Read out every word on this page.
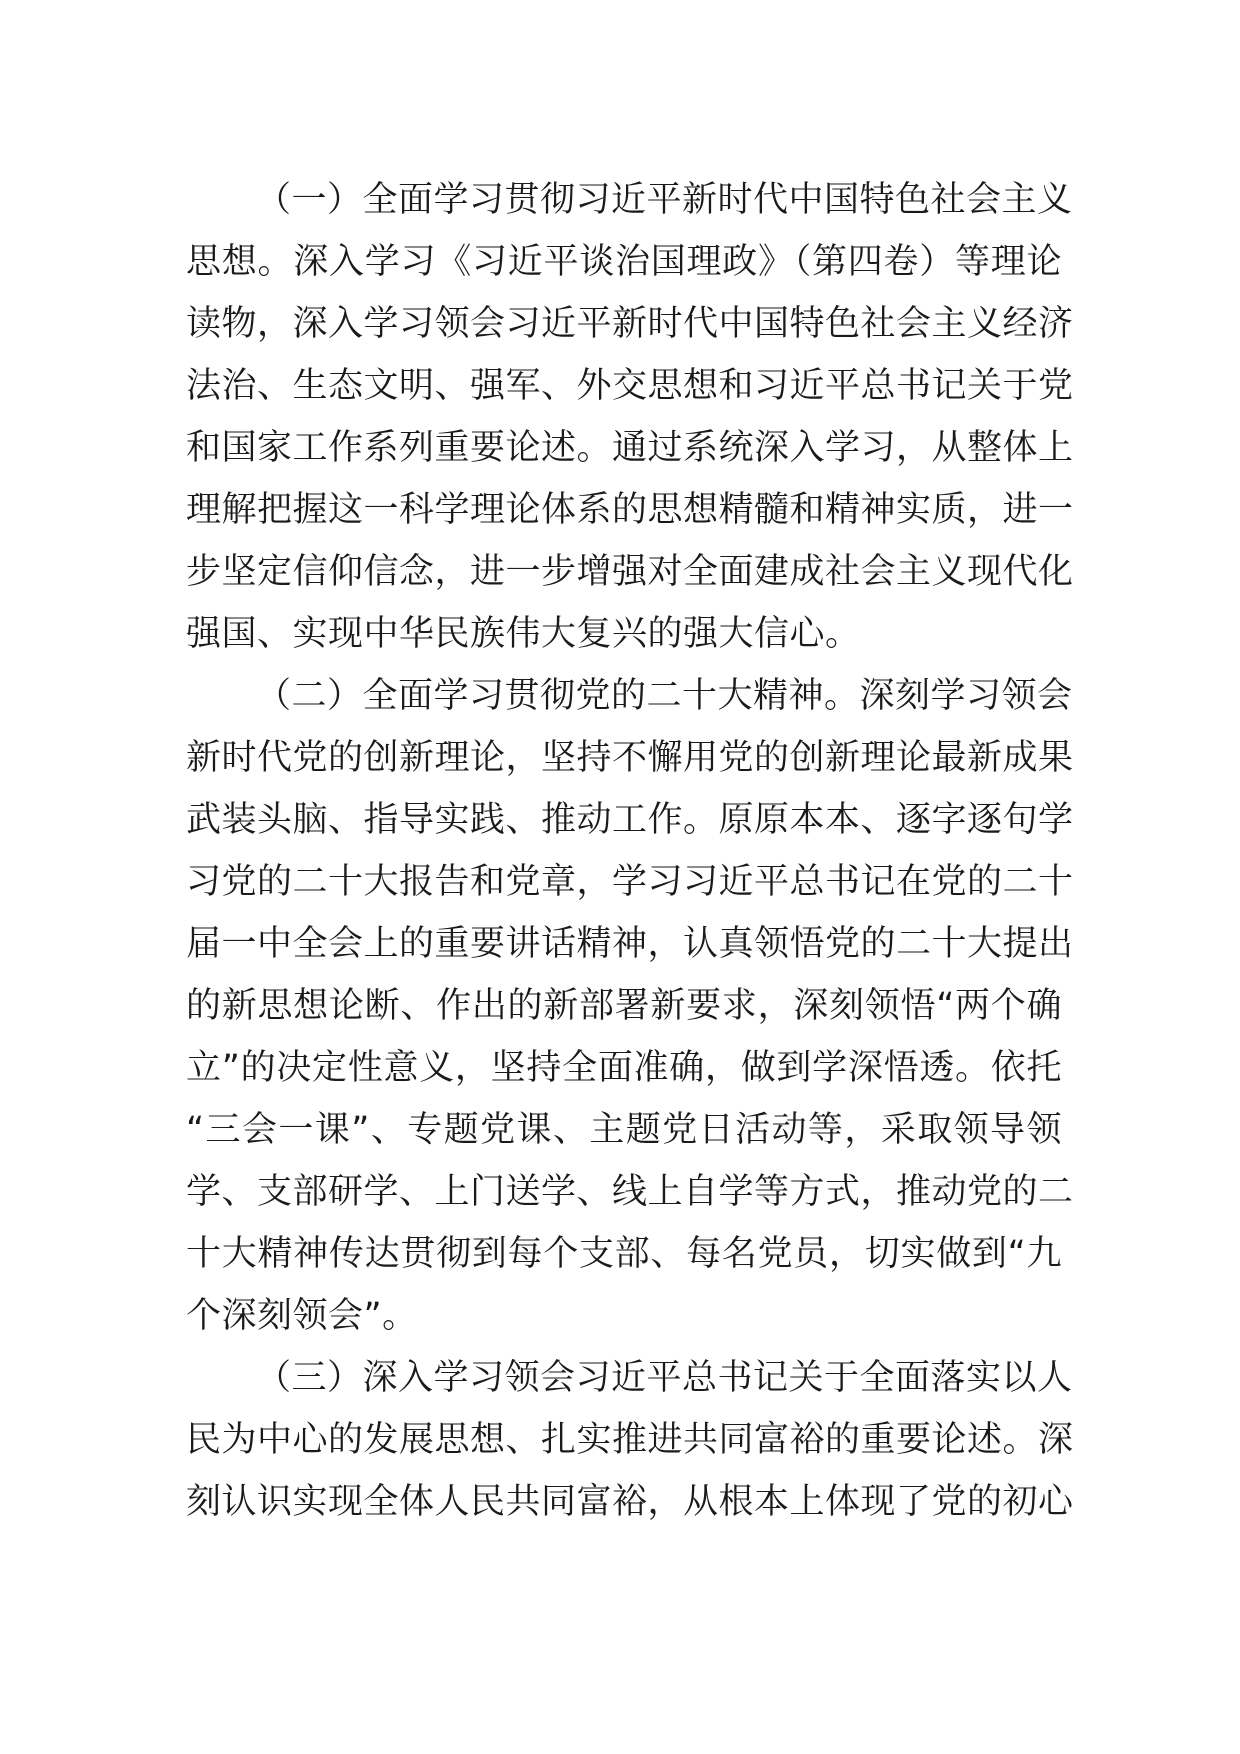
（一）全面学习贯彻习近平新时代中国特色社会主义
思想。深入学习《习近平谈治国理政》（第四卷）等理论
读物，深入学习领会习近平新时代中国特色社会主义经济
法治、生态文明、强军、外交思想和习近平总书记关于党
和国家工作系列重要论述。通过系统深入学习，从整体上
理解把握这一科学理论体系的思想精髓和精神实质，进一
步坚定信仰信念，进一步增强对全面建成社会主义现代化
强国、实现中华民族伟大复兴的强大信心。
（二）全面学习贯彻党的二十大精神。深刻学习领会
新时代党的创新理论，坚持不懈用党的创新理论最新成果
武装头脑、指导实践、推动工作。原原本本、逐字逐句学
习党的二十大报告和党章，学习习近平总书记在党的二十
届一中全会上的重要讲话精神，认真领悟党的二十大提出
的新思想论断、作出的新部署新要求，深刻领悟“两个确
立”的决定性意义，坚持全面准确，做到学深悟透。依托
“三会一课”、专题党课、主题党日活动等，采取领导领
学、支部研学、上门送学、线上自学等方式，推动党的二
十大精神传达贯彻到每个支部、每名党员，切实做到“九
个深刻领会”。
（三）深入学习领会习近平总书记关于全面落实以人
民为中心的发展思想、扎实推进共同富裕的重要论述。深
刻认识实现全体人民共同富裕，从根本上体现了党的初心
